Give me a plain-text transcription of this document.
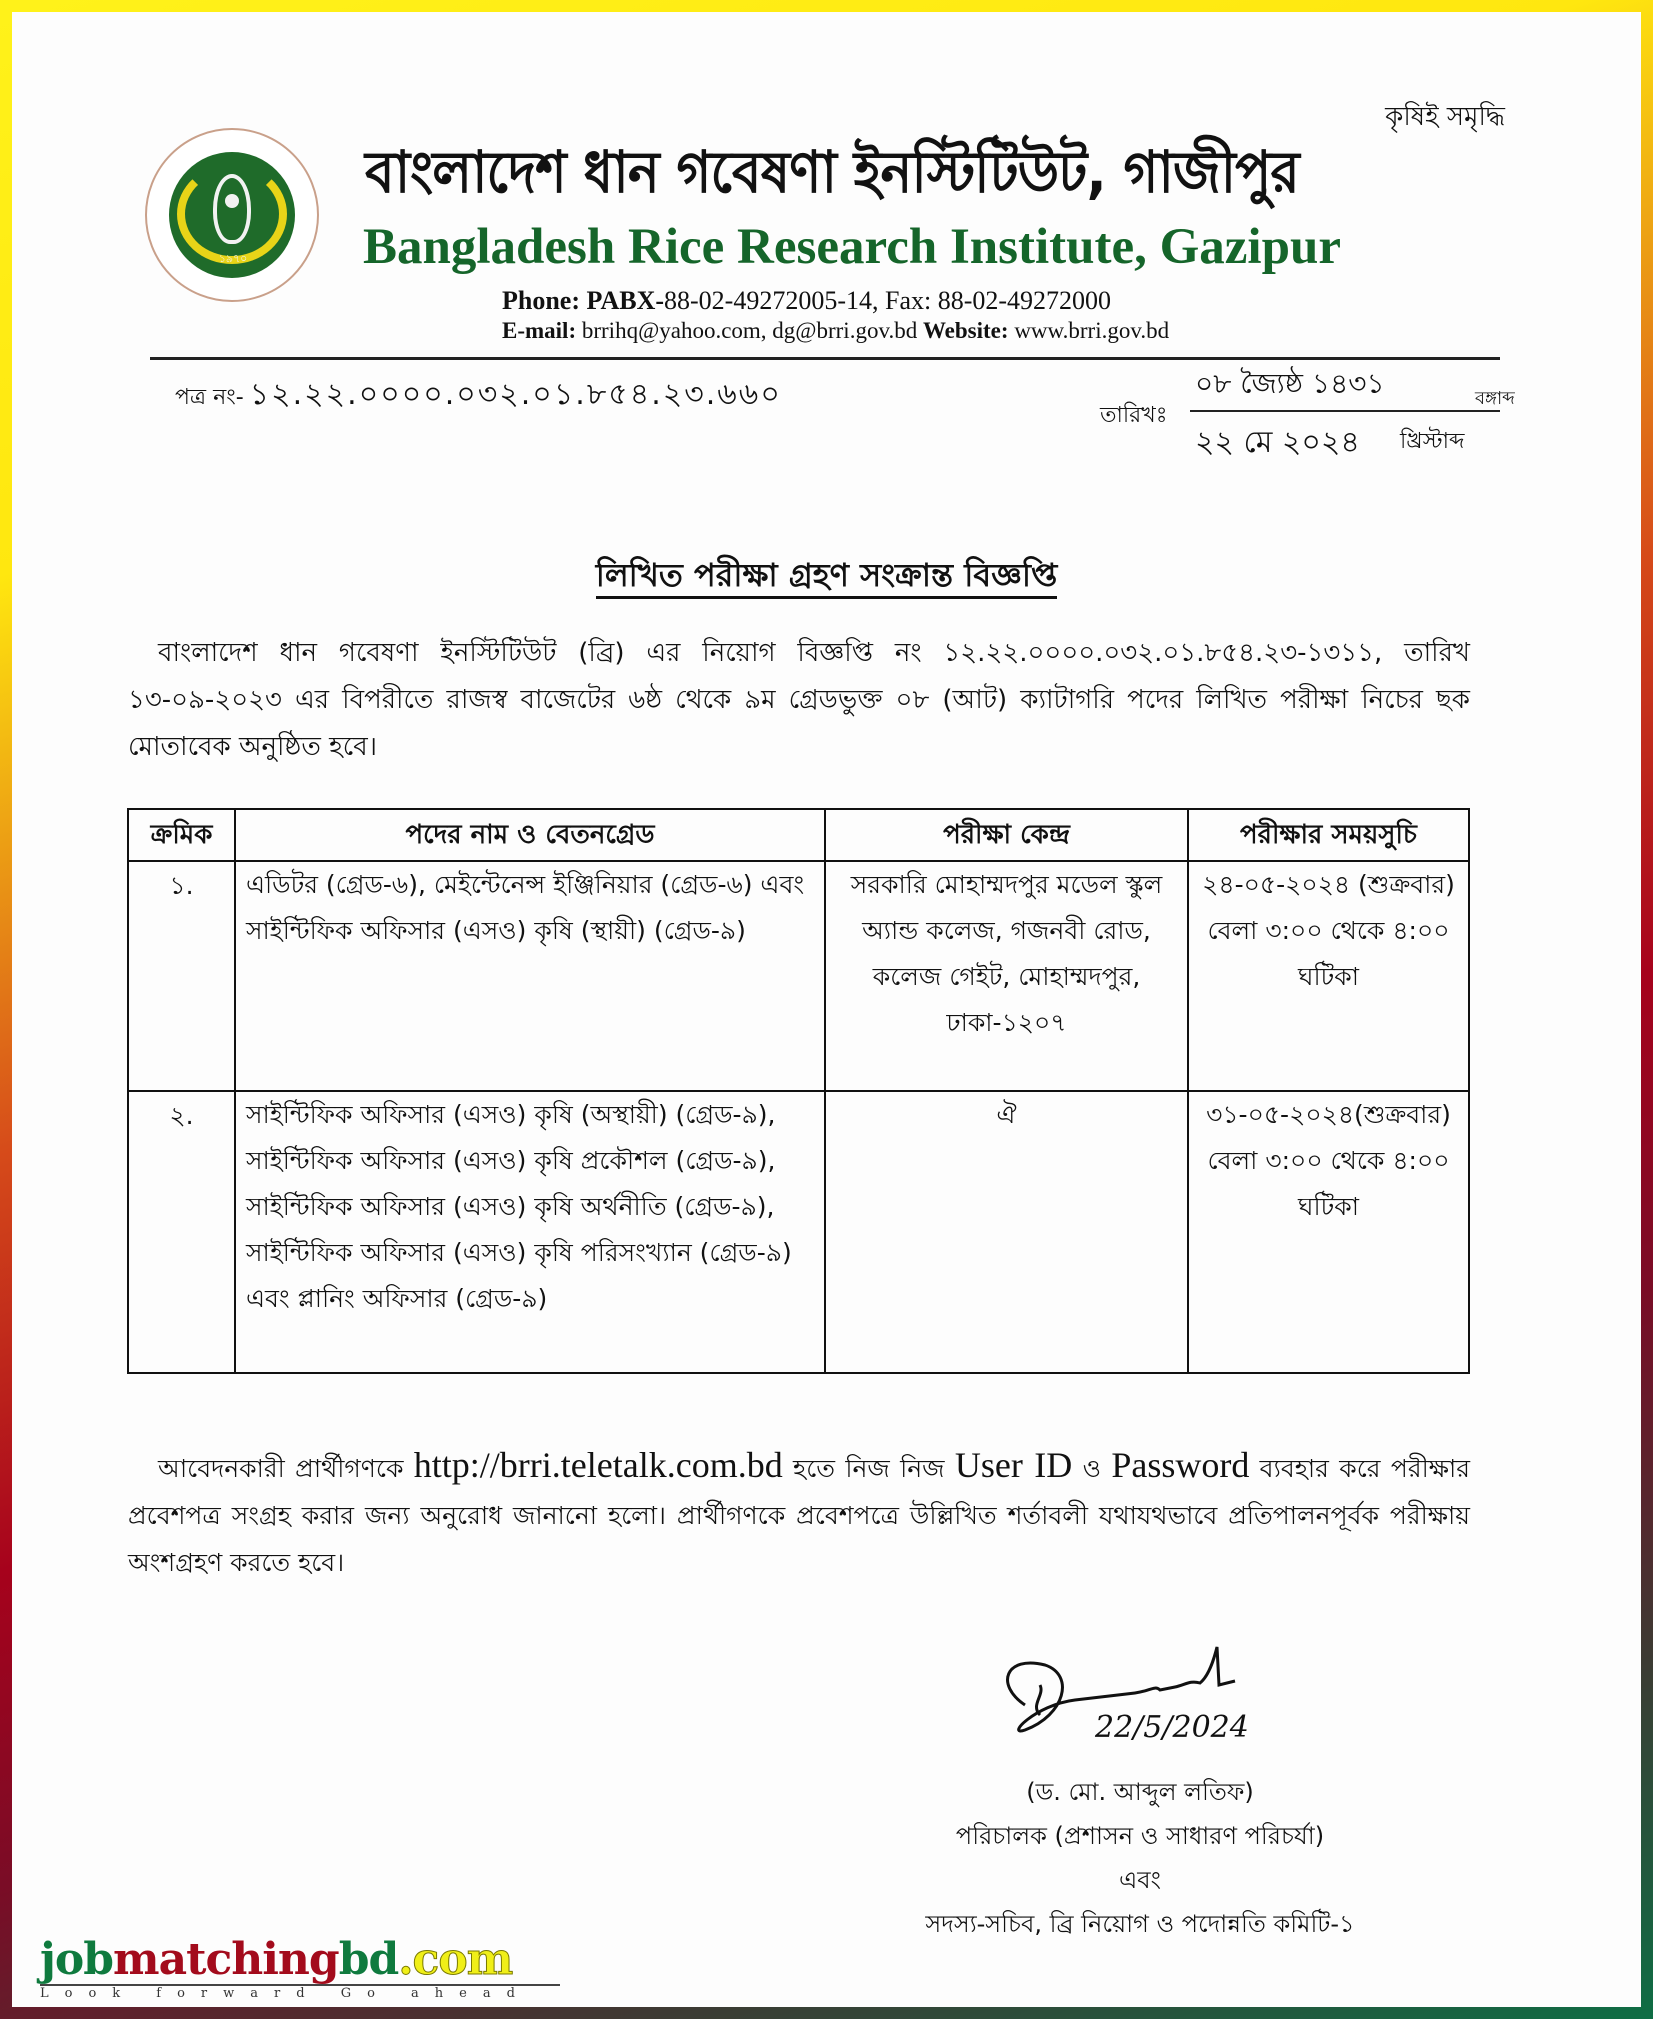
১৯৭০
কৃষিই সমৃদ্ধি
বাংলাদেশ ধান গবেষণা ইনস্টিটিউট, গাজীপুর
Bangladesh Rice Research Institute, Gazipur
Phone: PABX-88-02-49272005-14, Fax: 88-02-49272000
E-mail: brrihq@yahoo.com, dg@brri.gov.bd Website: www.brri.gov.bd
পত্র নং- ১২.২২.০০০০.০৩২.০১.৮৫৪.২৩.৬৬০	০৮ জ্যৈষ্ঠ ১৪৩১	বঙ্গাব্দ
তারিখঃ
২২ মে ২০২৪ খ্রিস্টাব্দ
লিখিত পরীক্ষা গ্রহণ সংক্রান্ত বিজ্ঞপ্তি
বাংলাদেশ ধান গবেষণা ইনস্টিটিউট (ব্রি) এর নিয়োগ বিজ্ঞপ্তি নং ১২.২২.০০০০.০৩২.০১.৮৫৪.২৩-১৩১১, তারিখ ১৩-০৯-২০২৩ এর বিপরীতে রাজস্ব বাজেটের ৬ষ্ঠ থেকে ৯ম গ্রেডভুক্ত ০৮ (আট) ক্যাটাগরি পদের লিখিত পরীক্ষা নিচের ছক মোতাবেক অনুষ্ঠিত হবে।
ক্রমিক	পদের নাম ও বেতনগ্রেড	পরীক্ষা কেন্দ্র	পরীক্ষার সময়সুচি
১.	এডিটর (গ্রেড-৬), মেইন্টেনেন্স ইঞ্জিনিয়ার (গ্রেড-৬) এবং সাইন্টিফিক অফিসার (এসও) কৃষি (স্থায়ী) (গ্রেড-৯)	সরকারি মোহাম্মদপুর মডেল স্কুল অ্যান্ড কলেজ, গজনবী রোড, কলেজ গেইট, মোহাম্মদপুর, ঢাকা-১২০৭	২৪-০৫-২০২৪ (শুক্রবার)
বেলা ৩:০০ থেকে ৪:০০ ঘটিকা

২.	সাইন্টিফিক অফিসার (এসও) কৃষি (অস্থায়ী) (গ্রেড-৯), সাইন্টিফিক অফিসার (এসও) কৃষি প্রকৌশল (গ্রেড-৯), সাইন্টিফিক অফিসার (এসও) কৃষি অর্থনীতি (গ্রেড-৯), সাইন্টিফিক অফিসার (এসও) কৃষি পরিসংখ্যান (গ্রেড-৯) এবং প্লানিং অফিসার (গ্রেড-৯)	ঐ	৩১-০৫-২০২৪(শুক্রবার)
বেলা ৩:০০ থেকে ৪:০০ ঘটিকা
আবেদনকারী প্রার্থীগণকে http://brri.teletalk.com.bd হতে নিজ নিজ User ID ও Password ব্যবহার করে পরীক্ষার প্রবেশপত্র সংগ্রহ করার জন্য অনুরোধ জানানো হলো। প্রার্থীগণকে প্রবেশপত্রে উল্লিখিত শর্তাবলী যথাযথভাবে প্রতিপালনপূর্বক পরীক্ষায় অংশগ্রহণ করতে হবে।
22/5/2024
(ড. মো. আব্দুল লতিফ)
পরিচালক (প্রশাসন ও সাধারণ পরিচর্যা)
এবং
সদস্য-সচিব, ব্রি নিয়োগ ও পদোন্নতি কমিটি-১
jobmatchingbd.com
Look forward Go ahead
